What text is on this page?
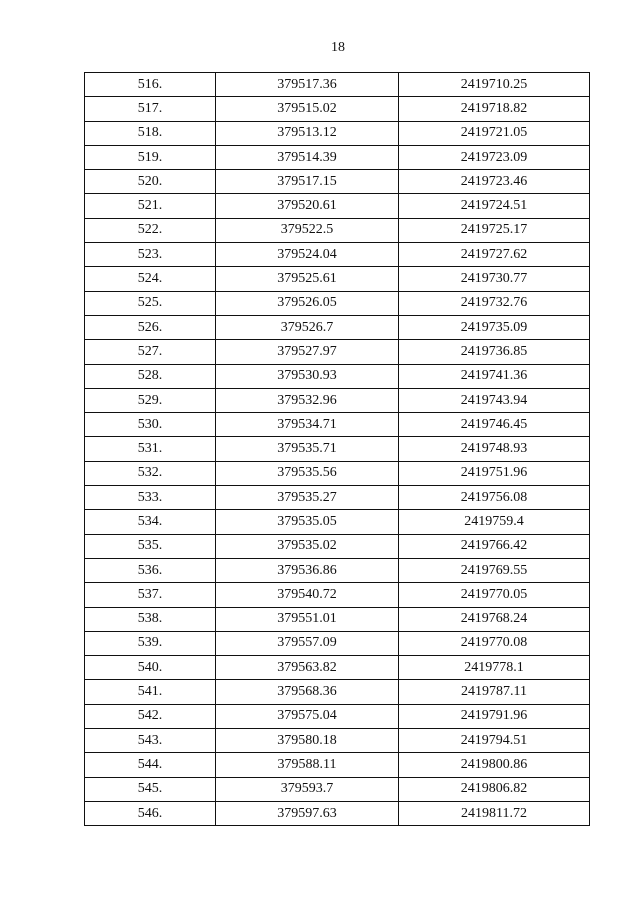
18
516.	379517.36	2419710.25
517.	379515.02	2419718.82
518.	379513.12	2419721.05
519.	379514.39	2419723.09
520.	379517.15	2419723.46
521.	379520.61	2419724.51
522.	379522.5	2419725.17
523.	379524.04	2419727.62
524.	379525.61	2419730.77
525.	379526.05	2419732.76
526.	379526.7	2419735.09
527.	379527.97	2419736.85
528.	379530.93	2419741.36
529.	379532.96	2419743.94
530.	379534.71	2419746.45
531.	379535.71	2419748.93
532.	379535.56	2419751.96
533.	379535.27	2419756.08
534.	379535.05	2419759.4
535.	379535.02	2419766.42
536.	379536.86	2419769.55
537.	379540.72	2419770.05
538.	379551.01	2419768.24
539.	379557.09	2419770.08
540.	379563.82	2419778.1
541.	379568.36	2419787.11
542.	379575.04	2419791.96
543.	379580.18	2419794.51
544.	379588.11	2419800.86
545.	379593.7	2419806.82
546.	379597.63	2419811.72
